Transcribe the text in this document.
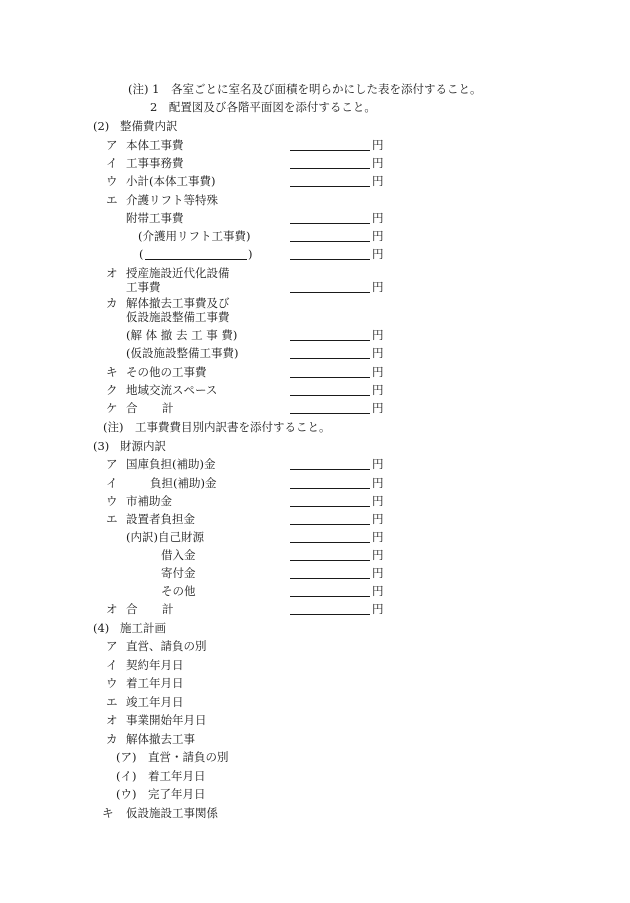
(注) 1　各室ごとに室名及び面積を明らかにした表を添付すること。
2　配置図及び各階平面図を添付すること。
(2) 整備費内訳
ア 本体工事費	円
イ 工事事務費	円
ウ 小計(本体工事費)	円
エ 介護リフト等特殊
附帯工事費	円
(介護用リフト工事費)	円
(	)	円
オ 授産施設近代化設備
工事費	円
カ 解体撤去工事費及び
仮設施設整備工事費
(解 体 撤 去 工 事 費)	円
(仮設施設整備工事費)	円
キ その他の工事費	円
ク 地域交流スペース	円
ケ 合 計	円
(注)　工事費費目別内訳書を添付すること。
(3) 財源内訳
ア 国庫負担(補助)金	円
イ	負担(補助)金	円
ウ 市補助金	円
エ 設置者負担金	円
(内訳)自己財源	円
借入金	円
寄付金	円
その他	円
オ 合 計	円
(4) 施工計画
ア 直営、請負の別
イ 契約年月日
ウ 着工年月日
エ 竣工年月日
オ 事業開始年月日
カ 解体撤去工事
(ア) 直営・請負の別
(イ) 着工年月日
(ウ) 完了年月日
キ 仮設施設工事関係
